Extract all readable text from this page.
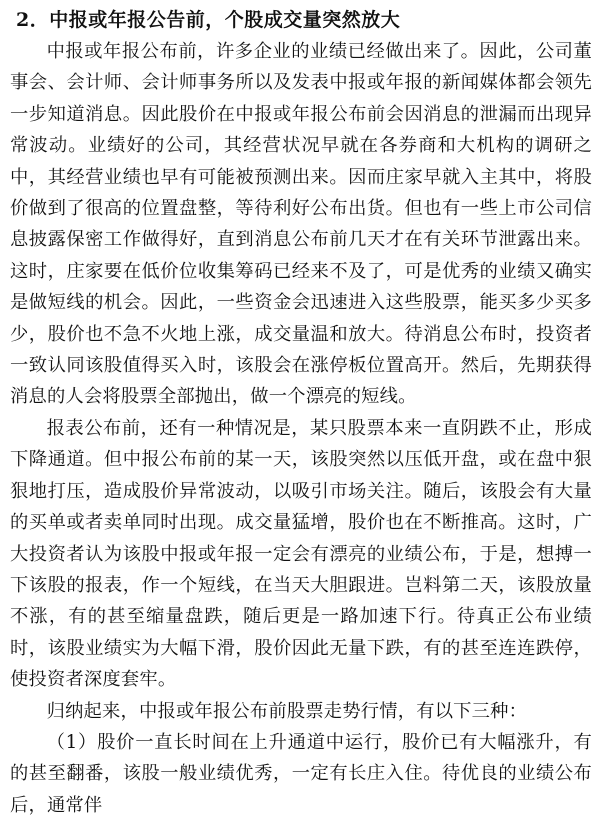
2．中报或年报公告前，个股成交量突然放大

中报或年报公布前，许多企业的业绩已经做出来了。因此，公司董事会、会计师、会计师事务所以及发表中报或年报的新闻媒体都会领先一步知道消息。因此股价在中报或年报公布前会因消息的泄漏而出现异常波动。业绩好的公司，其经营状况早就在各券商和大机构的调研之中，其经营业绩也早有可能被预测出来。因而庄家早就入主其中，将股价做到了很高的位置盘整，等待利好公布出货。但也有一些上市公司信息披露保密工作做得好，直到消息公布前几天才在有关环节泄露出来。这时，庄家要在低价位收集筹码已经来不及了，可是优秀的业绩又确实是做短线的机会。因此，一些资金会迅速进入这些股票，能买多少买多少，股价也不急不火地上涨，成交量温和放大。待消息公布时，投资者一致认同该股值得买入时，该股会在涨停板位置高开。然后，先期获得消息的人会将股票全部抛出，做一个漂亮的短线。

报表公布前，还有一种情况是，某只股票本来一直阴跌不止，形成下降通道。但中报公布前的某一天，该股突然以压低开盘，或在盘中狠狠地打压，造成股价异常波动，以吸引市场关注。随后，该股会有大量的买单或者卖单同时出现。成交量猛增，股价也在不断推高。这时，广大投资者认为该股中报或年报一定会有漂亮的业绩公布，于是，想搏一下该股的报表，作一个短线，在当天大胆跟进。岂料第二天，该股放量不涨，有的甚至缩量盘跌，随后更是一路加速下行。待真正公布业绩时，该股业绩实为大幅下滑，股价因此无量下跌，有的甚至连连跌停，使投资者深度套牢。

归纳起来，中报或年报公布前股票走势行情，有以下三种：

（1）股价一直长时间在上升通道中运行，股价已有大幅涨升，有的甚至翻番，该股一般业绩优秀，一定有长庄入住。待优良的业绩公布后，通常伴
